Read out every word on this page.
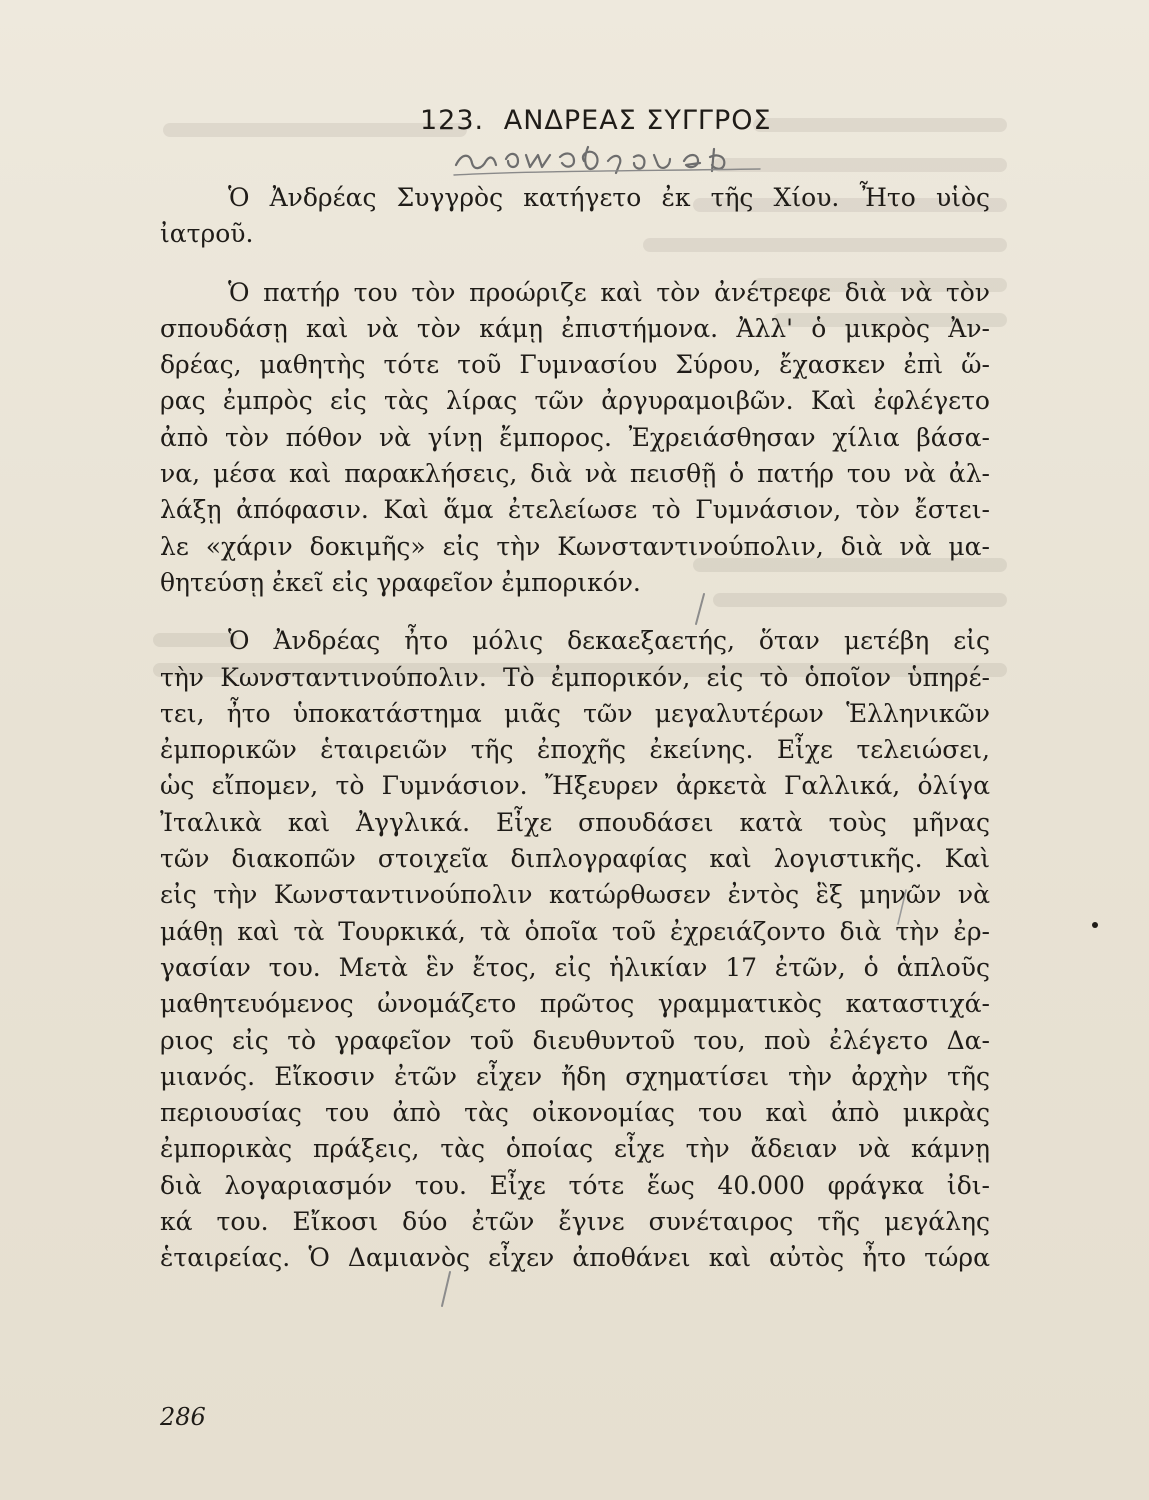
123. ΑΝΔΡΕΑΣ ΣΥΓΓΡΟΣ
Ὁ Ἀνδρέας Συγγρὸς κατήγετο ἐκ τῆς Χίου. Ἦτο υἱὸς
ἰατροῦ.
Ὁ πατήρ του τὸν προώριζε καὶ τὸν ἀνέτρεφε διὰ νὰ τὸν
σπουδάσῃ καὶ νὰ τὸν κάμῃ ἐπιστήμονα. Ἀλλ' ὁ μικρὸς Ἀν-
δρέας, μαθητὴς τότε τοῦ Γυμνασίου Σύρου, ἔχασκεν ἐπὶ ὥ-
ρας ἐμπρὸς εἰς τὰς λίρας τῶν ἀργυραμοιβῶν. Καὶ ἐφλέγετο
ἀπὸ τὸν πόθον νὰ γίνῃ ἔμπορος. Ἐχρειάσθησαν χίλια βάσα-
να, μέσα καὶ παρακλήσεις, διὰ νὰ πεισθῇ ὁ πατήρ του νὰ ἀλ-
λάξῃ ἀπόφασιν. Καὶ ἅμα ἐτελείωσε τὸ Γυμνάσιον, τὸν ἔστει-
λε «χάριν δοκιμῆς» εἰς τὴν Κωνσταντινούπολιν, διὰ νὰ μα-
θητεύσῃ ἐκεῖ εἰς γραφεῖον ἐμπορικόν.
Ὁ Ἀνδρέας ἦτο μόλις δεκαεξαετής, ὅταν μετέβη εἰς
τὴν Κωνσταντινούπολιν. Τὸ ἐμπορικόν, εἰς τὸ ὁποῖον ὑπηρέ-
τει, ἦτο ὑποκατάστημα μιᾶς τῶν μεγαλυτέρων Ἑλληνικῶν
ἐμπορικῶν ἑταιρειῶν τῆς ἐποχῆς ἐκείνης. Εἶχε τελειώσει,
ὡς εἴπομεν, τὸ Γυμνάσιον. Ἤξευρεν ἀρκετὰ Γαλλικά, ὀλίγα
Ἰταλικὰ καὶ Ἀγγλικά. Εἶχε σπουδάσει κατὰ τοὺς μῆνας
τῶν διακοπῶν στοιχεῖα διπλογραφίας καὶ λογιστικῆς. Καὶ
εἰς τὴν Κωνσταντινούπολιν κατώρθωσεν ἐντὸς ἓξ μηνῶν νὰ
μάθῃ καὶ τὰ Τουρκικά, τὰ ὁποῖα τοῦ ἐχρειάζοντο διὰ τὴν ἐρ-
γασίαν του. Μετὰ ἓν ἔτος, εἰς ἡλικίαν 17 ἐτῶν, ὁ ἁπλοῦς
μαθητευόμενος ὠνομάζετο πρῶτος γραμματικὸς καταστιχά-
ριος εἰς τὸ γραφεῖον τοῦ διευθυντοῦ του, ποὺ ἐλέγετο Δα-
μιανός. Εἴκοσιν ἐτῶν εἶχεν ἤδη σχηματίσει τὴν ἀρχὴν τῆς
περιουσίας του ἀπὸ τὰς οἰκονομίας του καὶ ἀπὸ μικρὰς
ἐμπορικὰς πράξεις, τὰς ὁποίας εἶχε τὴν ἄδειαν νὰ κάμνῃ
διὰ λογαριασμόν του. Εἶχε τότε ἕως 40.000 φράγκα ἰδι-
κά του. Εἴκοσι δύο ἐτῶν ἔγινε συνέταιρος τῆς μεγάλης
ἑταιρείας. Ὁ Δαμιανὸς εἶχεν ἀποθάνει καὶ αὐτὸς ἦτο τώρα
286
